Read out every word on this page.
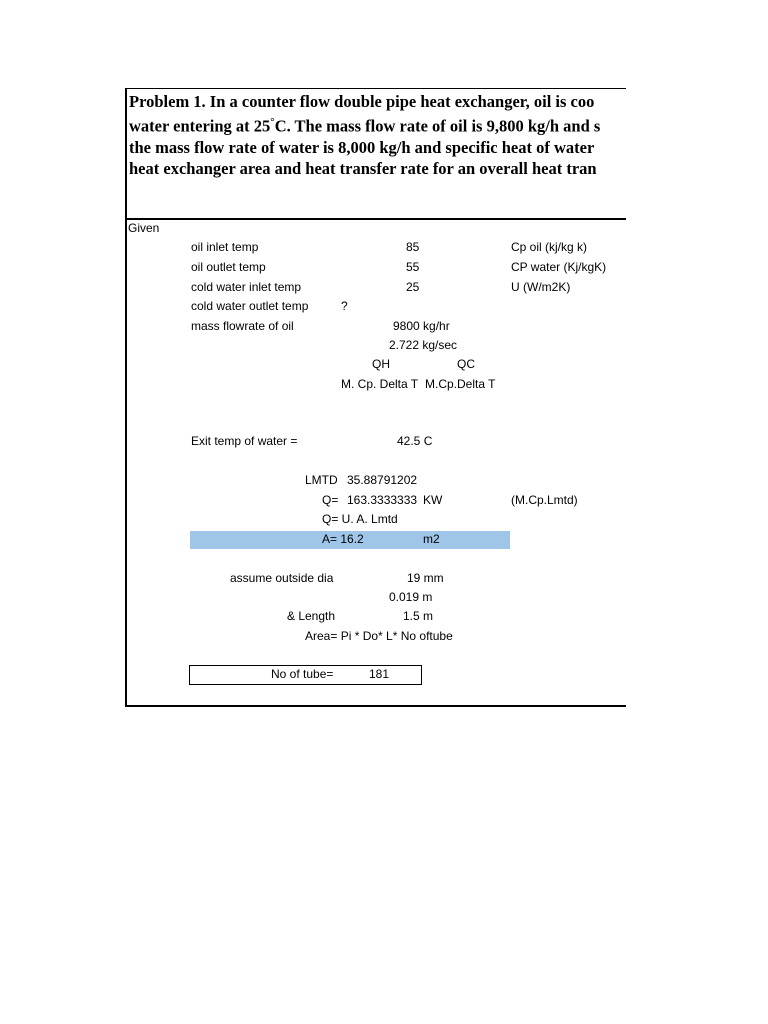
Problem 1. In a counter flow double pipe heat exchanger, oil is coo
water entering at 25°C. The mass flow rate of oil is 9,800 kg/h and s
the mass flow rate of water is 8,000 kg/h and specific heat of water
heat exchanger area and heat transfer rate for an overall heat tran
Given
oil inlet temp	85	Cp oil (kj/kg k)
oil outlet temp	55	CP water (Kj/kgK)
cold water inlet temp	25	U (W/m2K)
cold water outlet temp	?
mass flowrate of oil	9800 kg/hr
2.722 kg/sec
QH	QC
M. Cp. Delta T M.Cp.Delta T
Exit temp of water =	42.5 C
LMTD 35.88791202
Q= 163.3333333 KW	(M.Cp.Lmtd)
Q= U. A. Lmtd
A= 16.2	m2
assume outside dia	19 mm
0.019 m
& Length	1.5 m
Area= Pi * Do* L* No oftube
No of tube=	181
